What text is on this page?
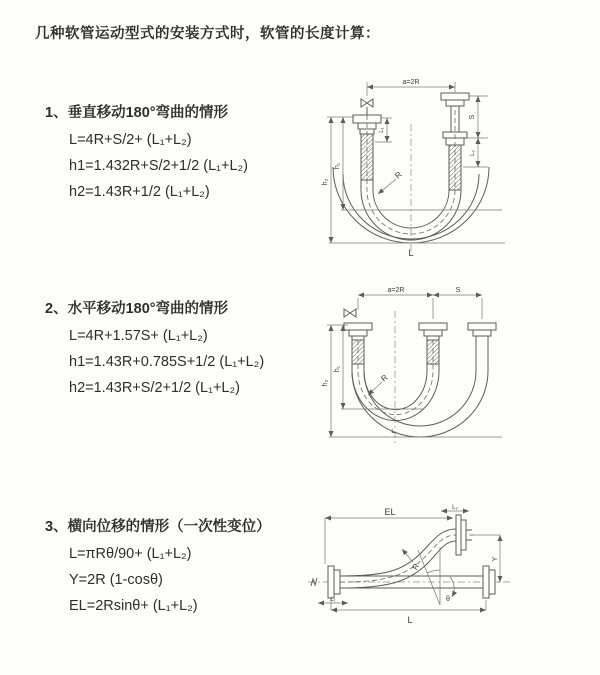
几种软管运动型式的安装方式时，软管的长度计算：
1、垂直移动180°弯曲的情形
L=4R+S/2+ (L₁+L₂)
h1=1.432R+S/2+1/2 (L₁+L₂)
h2=1.43R+1/2 (L₁+L₂)
a=2R
h₂
h₁
L₁
S
L₂
R
L
2、水平移动180°弯曲的情形
L=4R+1.57S+ (L₁+L₂)
h1=1.43R+0.785S+1/2 (L₁+L₂)
h2=1.43R+S/2+1/2 (L₁+L₂)
a=2R	S
h₂
h₁
R
L
3、横向位移的情形（一次性变位）
L=πRθ/90+ (L₁+L₂)
Y=2R (1-cosθ)
EL=2Rsinθ+ (L₁+L₂)
EL	L₂
Y
θ
R
L
L₁
